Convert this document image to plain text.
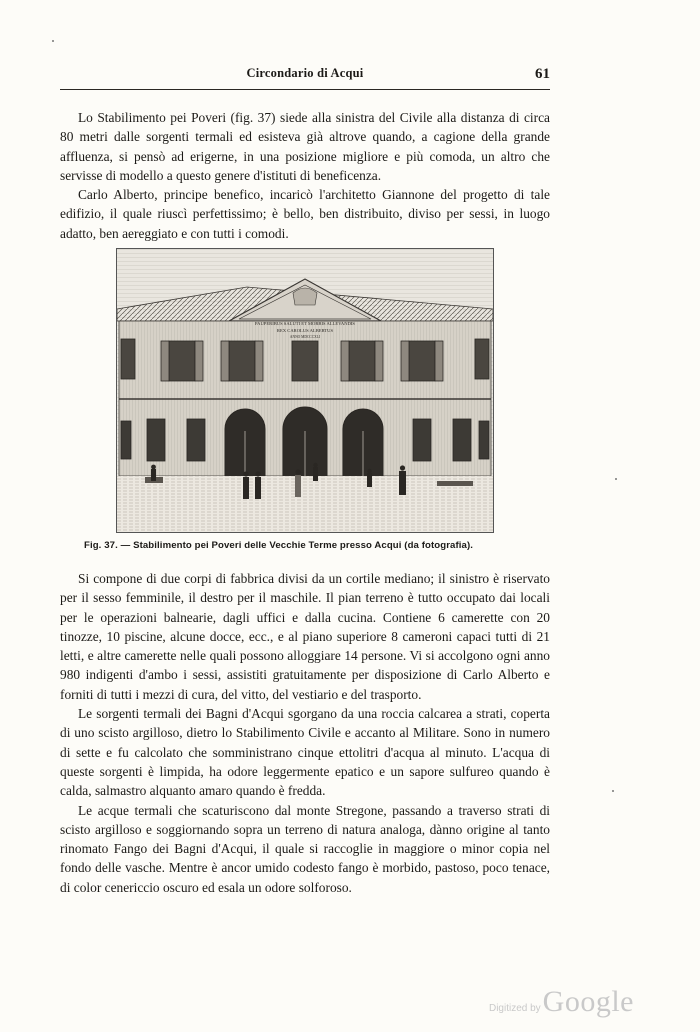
Circondario di Acqui	61

Lo Stabilimento pei Poveri (fig. 37) siede alla sinistra del Civile alla distanza di circa 80 metri dalle sorgenti termali ed esisteva già altrove quando, a cagione della grande affluenza, si pensò ad erigerne, in una posizione migliore e più comoda, un altro che servisse di modello a questo genere d'istituti di beneficenza.

Carlo Alberto, principe benefico, incaricò l'architetto Giannone del progetto di tale edifizio, il quale riuscì perfettissimo; è bello, ben distribuito, diviso per sessi, in luogo adatto, ben aereggiato e con tutti i comodi.

PAUPERIBUS SALUTI ET MORBIS ALLEVANDIS
REX CAROLUS ALBERTUS
ANNO MDCCCXLI
Fig. 37. — Stabilimento pei Poveri delle Vecchie Terme presso Acqui (da fotografia).

Si compone di due corpi di fabbrica divisi da un cortile mediano; il sinistro è riservato per il sesso femminile, il destro per il maschile. Il pian terreno è tutto occupato dai locali per le operazioni balnearie, dagli uffici e dalla cucina. Contiene 6 camerette con 20 tinozze, 10 piscine, alcune docce, ecc., e al piano superiore 8 cameroni capaci tutti di 21 letti, e altre camerette nelle quali possono alloggiare 14 persone. Vi si accolgono ogni anno 980 indigenti d'ambo i sessi, assistiti gratuitamente per disposizione di Carlo Alberto e forniti di tutti i mezzi di cura, del vitto, del vestiario e del trasporto.

Le sorgenti termali dei Bagni d'Acqui sgorgano da una roccia calcarea a strati, coperta di uno scisto argilloso, dietro lo Stabilimento Civile e accanto al Militare. Sono in numero di sette e fu calcolato che somministrano cinque ettolitri d'acqua al minuto. L'acqua di queste sorgenti è limpida, ha odore leggermente epatico e un sapore sulfureo quando è calda, salmastro alquanto amaro quando è fredda.

Le acque termali che scaturiscono dal monte Stregone, passando a traverso strati di scisto argilloso e soggiornando sopra un terreno di natura analoga, dànno origine al tanto rinomato Fango dei Bagni d'Acqui, il quale si raccoglie in maggiore o minor copia nel fondo delle vasche. Mentre è ancor umido codesto fango è morbido, pastoso, poco tenace, di color cenericcio oscuro ed esala un odore solforoso.

Digitized by Google
